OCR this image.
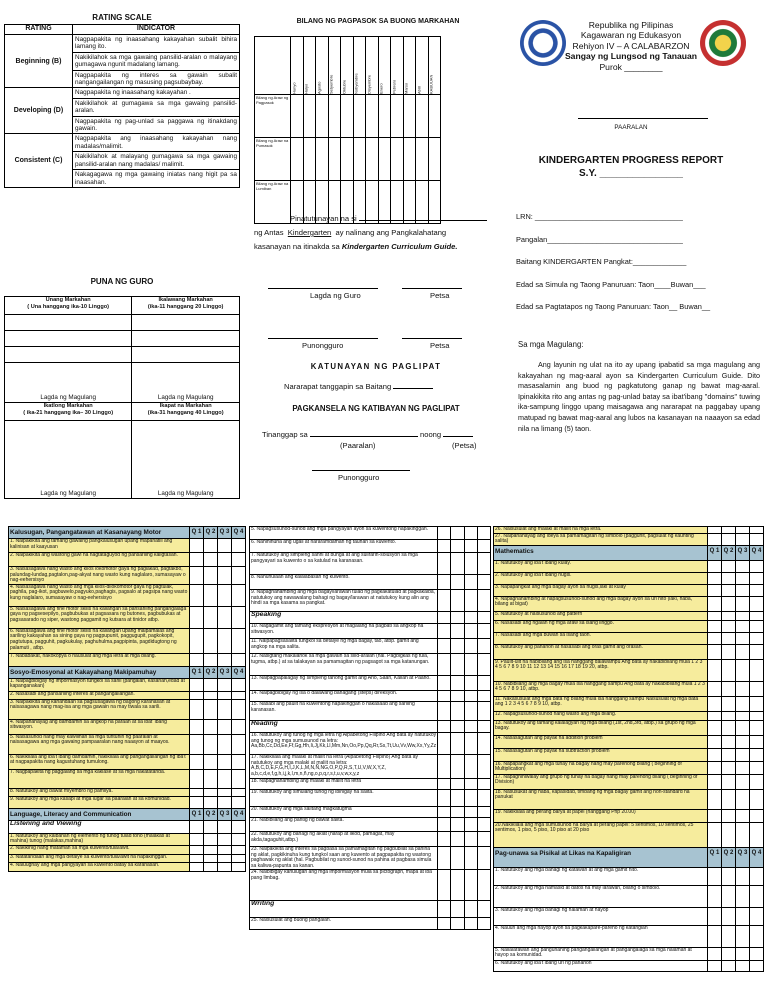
RATING SCALE
RATING	INDICATOR
Beginning (B)	Nagpapakita ng inaasahang kakayahan subalit bihira lamang ito.
	Nakikilahok sa mga gawaing pansilid-aralan o malayang gumagawa ngunit madalang lamang.
	Nagpapakita ng interes sa gawain subalit nangangailangan ng masusing pagsubaybay.
Developing (D)	Nagpapakita ng inaasahang kakayahan .
	Nakikilahok at gumagawa sa mga gawaing pansilid-aralan.
	Nagpapakita ng pag-unlad sa paggawa ng itinakdang gawain.
Consistent (C)	Nagpapakita ang inaasahang kakayahan nang madalas/malimit.
	Nakikilahok at malayang gumagawa sa mga gawaing pansilid-aralan nang madalas/ malimit.
	Nakagagawa ng mga gawaing iniatas nang higit pa sa inaasahan.
PUNA NG GURO
Unang Markahan
( Una hanggang ika-10 Linggo)	Ikalawang Markahan
(ika-11 hanggang 20 Linggo)

Lagda ng Magulang	Lagda ng Magulang
Ikatlong Markahan
( ika-21 hanggang ika– 30 Linggo)	Ikapat na Markahan
(ika-31 hanggang 40 Linggo)
Lagda ng Magulang	Lagda ng Magulang
BILANG NG PAGPASOK SA BUONG MARKAHAN
	Hunyo	Hulyo	Agosto	Setyembre	Oktubre	Nobyembre	Disyembre	Enero	Pebrero	Marso	Abril	KABUUAN
Bilang ng Araw ng Pagpasok												
Bilang ng Araw na Pumasok												
Bilang ng Araw na Lumiban												
Pinatutunayan na si
ng Antas Kindergarten ay nalinang ang Pangkalahatang
kasanayan na itinakda sa Kindergarten Curriculum Guide.
Lagda ng Guro	Petsa
Punongguro	Petsa
KATUNAYAN NG PAGLIPAT
Nararapat tanggapin sa Baitang
PAGKANSELA NG KATIBAYAN NG PAGLIPAT
Tinanggap sa	noong
(Paaralan)	(Petsa)
Punongguro
Republika ng Pilipinas
Kagawaran ng Edukasyon
Rehiyon IV – A CALABARZON
Sangay ng Lungsod ng Tanauan
Purok ________
PAARALAN
KINDERGARTEN PROGRESS REPORT
S.Y. _______________
LRN: ____________________________________
Pangalan_________________________________
Baitang KINDERGARTEN Pangkat:_____________
Edad sa Simula ng Taong Panuruan: Taon____Buwan___
Edad sa Pagtatapos ng Taong Panuruan: Taon__ Buwan__
Sa mga Magulang:
Ang layunin ng ulat na ito ay upang ipabatid sa mga magulang ang kakayahan ng mag-aaral ayon sa Kindergarten Curriculum Guide. Dito masasalamin ang buod ng pagkatutong ganap ng bawat mag-aaral. Ipinakikita rito ang antas ng pag-unlad batay sa ibat'ibang "domains" tuwing ika-sampung linggo upang maisagawa ang nararapat na paggabay upang matupad ng bawat mag-aaral ang lubos na kasanayan na naaayon sa edad nila na limang (5) taon.
Kalusugan, Pangangatawan at Kasanayang Motor	Q 1	Q 2	Q 3	Q 4
1. Naipakikita ang tamang gawaing pangkalusugan upang mapanatili ang kalinisan at kaayusan				
2. Naipakikita ang wastong gawi na nagtataguyod ng pansariling kaligtasan.				
3. Naisasagawa nang wasto ang kilos lokomotor gaya ng paglakad, pagtakbo, palundag-lundag,pagtalon,pag-akyat nang wasto kung naglalaro, sumasayaw o nag-eehersisyo				
4. Naisasagawa nang wasto ang mga kilos-dilokomotor gaya ng pagtulak, paghila, pag-ikot, pagbuwelo,pagyuko,paghagis, pagsalo at pagsipa nang wasto kung naglalaro, sumasayaw o nag-eehersisyo				
5. Naisasagawa ang fine motor skills na kailangan sa pansariling pangangalaga gaya ng pagsesepilyo, pagbubukas at pagsasara ng butones, pagbubukas at pagsasarado ng siper, wastong paggamit ng kutsara at tinidor atbp.				
6. Naisasagawa ang fine motor skills na kailangan upang maipamalas ang sariling kakayahan sa sining gaya ng pagpupunit, paggugupit, pagkokopit, pagtutupa, pagguhit, pagkukulay, paghuhulma,pagpipinta, pagdidugtong ng palamuti , atbp.				
7. Nababakat, nakokopya o nausulat ang mga letra at mga bilang.				
Sosyo-Emosyonal at Kakayahang Makipamuhay	Q 1	Q 2	Q 3	Q 4
1. Naipagbibigay ng impormasyon tungkol sa sarili (pangalan, kasarian,edad at kapanganakan)				
2. Nasasabi ang pansariling interes at pangangailangan.				
3. Naipakikita ang kahandaan sa pagsusagawa ng bagong karanasan at naisasagawa nang mag-isa ang mga gawain na may tiwala sa sarili.				
4. Naipahahayag ang damdamin sa angkop na paraan at sa ibat' ibang sitwasyon.				
5. Naisasunod nang may kawilihan sa mga tuntunin ng paaralan at naisasagawa ang mga gawaing pampaaralan nang naaayon at maayos.				
6. Nakikilala ang iba't ibang damdamin, nakikilala ang pangangailangan ng iba't at nagpapakita nang kagustuhang tumulong.				
7. Nagpapakita ng paggalang sa mga kaklase at sa mga nakatatanda.				
8. Natutukoy ang bawat miyembro ng pamilya.				
9. Natutukoy ang mga kasapi at mga lugar sa paaralan at sa komunidad.				
Language, Literacy and Communication	Q 1	Q 2	Q 3	Q 4
Listening and Viewing				
1. Natutukoy ang kaibahan ng elemento ng tunog tulad tono (malakas at mahina) tunog (malakas,mahina)				
2. Nakikinig nang matamán sa mga kuwento/tula/awit.				
3. Natatandaan ang mga detalye sa kuwento/tula/awit na napakinggan.				
4. Naiuugnay ang mga pangyayari sa kuwento batay sa karanasan.				
5. Napagsusunod-sunod ang mga pangyayari ayon sa kuwentong napakinggan.				
6. Nahihinuha ang ugali at nararamdaman ng tauhan sa kuwento.				
7. Natutukoy ang simpleng sanhi at bunga at ang sulirarin-solusyon sa mga pangyayari sa kuwento o sa katulad na karanasan.				
8. Nahuhulaan ang kalalabasan ng kuwento.				
9. Napaghahambing ang mga bagay/larawan tulad ng pagkakatulad at pagkakaiba, natutukoy ang nawawalang bahagi ng bagay/larawan at natutukoy kung alin ang hindi sa mga kasama sa pangkat.				
Speaking				
10. Nagagamit ang tamang ekspresyon at magalang na pagbati sa angkop na sitwasyon.				
11. Naipapagsasalita tungkol sa detalye ng mga bagay, tao, atbp. gamit ang angkop na mga salita.				
12. Nasigtang makalahok sa mga gawain sa silid-aralan (hal. Pagbigkas ng tula, tugma, atbp.) at sa talakayan sa pamamagitan ng pagsagot sa mga katanungan.				
13. Naipagpapalagay ng simpleng tanong gamit ang Ano, Saan, Kailan at Paano.				
14. Naipagbibigay ng isa o dalawang bahagang (steps) direksyon.				
15. Nasabi ang paulit na kuwentong napakinggan o nakasaad ang sariling karanasan.				
Reading				
16. Natutukoy ang tunog ng mga letra ng Alpabetong Filipino Ang bata ay natutukoy ang tunog ng mga sumusunod na letra: Aa,Bb,Cc,Dd,Ee,Ff,Gg,Hh,Ii,Jj,Kk,Ll,Mm,Nn,Oo,Pp,Qq,Rr,Ss,Tt,Uu,Vv,Ww,Xx,Yy,Zz				
17. Nakikilala ang malaki at maliit na letra (Alpabetong Filipino) Ang bata ay natutukoy ang mga malaki at maliit na letra: A,B,C,D,E,F,G,H,I,J,K,L,M,N,Ñ,NG,O,P,Q,R,S,T,U,V,W,X,Y,Z, a,b,c,d,e,f,g,h,i,j,k,l,m,n,ñ,ng,o,p,q,r,s,t,u,v,w,x,y,z				
18. Napaghahambing ang malaki at maliit na letra				
19. Natutukoy ang simulang tunog ng ibinigay na salita.				
20. Natutukoy ang mga salitang magkatugma				
21. Nabibilang ang pantig ng bawat salita.				
22. Natutukoy ang bahagi ng aklat (harap at likod, pamagat, may akda,tagaguhit,atbp.)				
23. Naipakikita ang interes sa pagbasa sa pamamagitan ng pagbubilat sa pahina ng aklat, pagkikinuha kung tungkol saan ang kuwento at pagpapakita ng wastong paghawak ng aklat (hal. Pagbubilat ng sunod-sunod na pahina at pagbasa simula sa kaliwa-papunta sa kanan.				
24. Naibibigay kahulugan ang mga impormasyon mula sa pictograph, mapa at iba pang limbag.				
Writing				
25. Naisusulat ang buong pangalan.				
26. Naisusulat ang malaki at maliit na mga letra.				
27. Naipahahayag ang ideya sa pamamagitan ng simbolo (pagguhit, pagsulat ng kaunting salita)				
Mathematics	Q 1	Q 2	Q 3	Q 4
1. Natutukoy ang iba't ibang kulay.				
2. Natutukoy ang iba't ibang hugis.				
3. Napapangkat ang mga bagay ayon sa hugis,laki at kulay				
4. Napaghahambing at napagsusunod-sunod ang mga bagay ayon sa uri nito (laki, haba, bilang at bigat)				
5. Natutukoy at naisusunod ang pattern				
6. Nasasabi ang ngalan ng mga araw sa isang linggo.				
7. Nasasabi ang mga buwan sa isang taon.				
8. Natutukoy ang panahon at nasasabi ang oras gamit ang orasan.				
9. Paulit-ulit na nabibilang ang isa hanggang dalawampu Ang bata ay nakabibilang mula 1 2 3 4 5 6 7 8 9 10 11 12 13 14 15 16 17 18 19 20, atbp.				
10. Nabibilang ang mga bagay mula isa hanggang sampu Ang bata ay nakabibilang mula 1 2 3 4 5 6 7 8 9 10, atbp.				
11. Nakasusulat ang mga bata ng bilang mula isa hanggang sampu Naisusulat ng mga bata ang 1 2 3 4 5 6 7 8 9 10, atbp.				
12. Napagsusunod-sunod nang wasto ang mga bilang.				
13. Natutukoy ang tamang kalalagyan ng mga bilang (1st, 2nd,3rd, atbp.) sa grupo ng mga bagay.				
14. Nasasagutan ang payak na addition problem				
15. Nasasagutan ang payak na subtraction problem				
16. Napapangkat ang mga tunay na bagay nang may parehong bilang ( beginning of Multiplication)				
17. Napaghihiwalay ang grupo ng tunay na bagay nang may parehong bilang ( beginning of Division)				
18. Nasusukat ang haba, kapasidad, timbang ng mga bagay gamit ang non-standard na panukat				
19. Nakikilala ang perang barya at papel (hanggang Php 20.00)				
20.Nakikilala ang mga sumusunod na barya at perang papel: 5 sentimos, 10 sentimos, 25 sentimos, 1 piso, 5 piso, 10 piso at 20 piso				
Pag-unawa sa Pisikal at Likas na Kapaligiran	Q 1	Q 2	Q 3	Q 4
1. Natutukoy ang mga bahagi ng katawan at ang mga gamit nito.				
2. Natutukoy ang mga namasid at datos na may larawan, bilang o simbolo.				
3. Natutukoy ang mga bahagi ng halaman at hayop				
4. Nauuri ang mga hayop ayon sa pagkakapare-pareho ng katangian				
5. Nailalarawan ang pangunahing pangangailangan at pangangalaga sa mga halaman at hayop sa komunidad.				
6. Natutukoy ang iba't ibang uri ng panahon				
